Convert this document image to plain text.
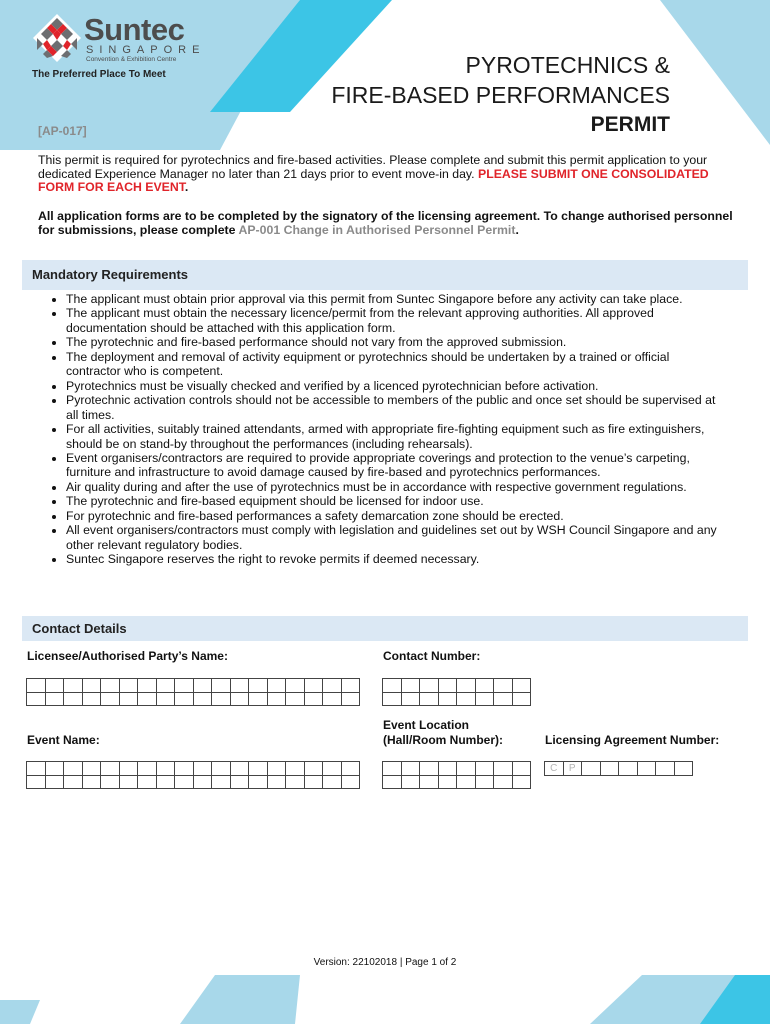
Suntec
SINGAPORE
Convention & Exhibition Centre
The Preferred Place To Meet
[AP-017]
PYROTECHNICS &
FIRE-BASED PERFORMANCES
PERMIT
This permit is required for pyrotechnics and fire-based activities. Please complete and submit this permit application to your dedicated Experience Manager no later than 21 days prior to event move-in day. PLEASE SUBMIT ONE CONSOLIDATED FORM FOR EACH EVENT.
All application forms are to be completed by the signatory of the licensing agreement. To change authorised personnel for submissions, please complete AP-001 Change in Authorised Personnel Permit.
Mandatory Requirements
• The applicant must obtain prior approval via this permit from Suntec Singapore before any activity can take place.
• The applicant must obtain the necessary licence/permit from the relevant approving authorities. All approved documentation should be attached with this application form.
• The pyrotechnic and fire-based performance should not vary from the approved submission.
• The deployment and removal of activity equipment or pyrotechnics should be undertaken by a trained or official contractor who is competent.
• Pyrotechnics must be visually checked and verified by a licenced pyrotechnician before activation.
• Pyrotechnic activation controls should not be accessible to members of the public and once set should be supervised at all times.
• For all activities, suitably trained attendants, armed with appropriate fire-fighting equipment such as fire extinguishers, should be on stand-by throughout the performances (including rehearsals).
• Event organisers/contractors are required to provide appropriate coverings and protection to the venue’s carpeting, furniture and infrastructure to avoid damage caused by fire-based and pyrotechnics performances.
• Air quality during and after the use of pyrotechnics must be in accordance with respective government regulations.
• The pyrotechnic and fire-based equipment should be licensed for indoor use.
• For pyrotechnic and fire-based performances a safety demarcation zone should be erected.
• All event organisers/contractors must comply with legislation and guidelines set out by WSH Council Singapore and any other relevant regulatory bodies.
• Suntec Singapore reserves the right to revoke permits if deemed necessary.
Contact Details
Licensee/Authorised Party’s Name:	Contact Number:
Event Name:
Event Location
(Hall/Room Number):	Licensing Agreement Number:
C	P
Version: 22102018 | Page 1 of 2
